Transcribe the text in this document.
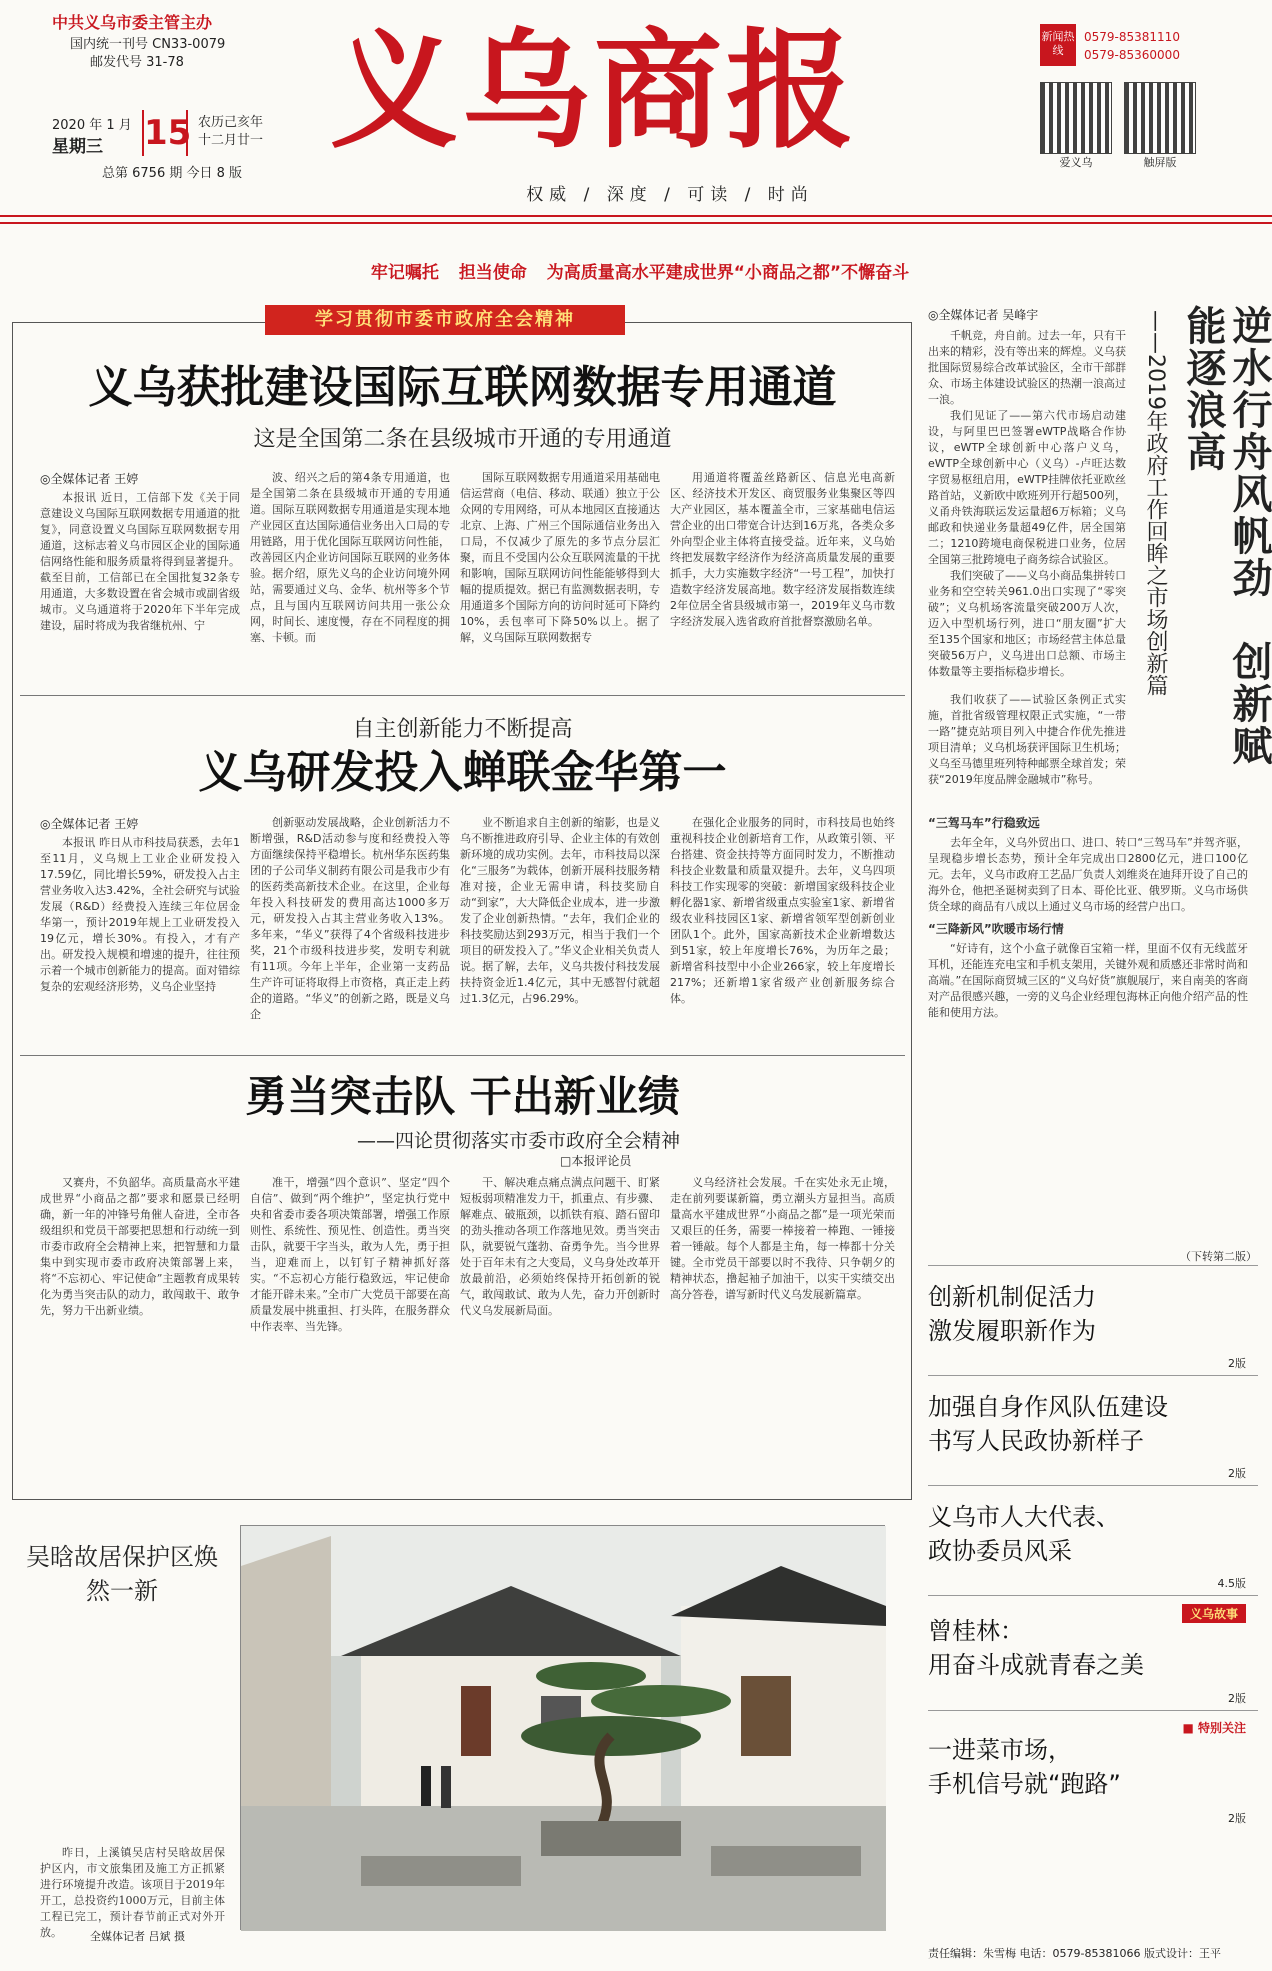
中共义乌市委主管主办
国内统一刊号 CN33-0079
邮发代号 31-78
2020 年 1 月
星期三 15 农历己亥年
十二月廿一
总第 6756 期 今日 8 版
义乌商报
权威 / 深度 / 可读 / 时尚
新闻热线
0579-85381110
0579-85360000
爱义乌	触屏版
牢记嘱托 担当使命 为高质量高水平建成世界“小商品之都”不懈奋斗
学习贯彻市委市政府全会精神
义乌获批建设国际互联网数据专用通道
这是全国第二条在县级城市开通的专用通道
◎全媒体记者 王婷

本报讯 近日，工信部下发《关于同意建设义乌国际互联网数据专用通道的批复》，同意设置义乌国际互联网数据专用通道，这标志着义乌市园区企业的国际通信网络性能和服务质量将得到显著提升。截至目前，工信部已在全国批复32条专用通道，大多数设置在省会城市或副省级城市。义乌通道将于2020年下半年完成建设，届时将成为我省继杭州、宁

波、绍兴之后的第4条专用通道，也是全国第二条在县级城市开通的专用通道。国际互联网数据专用通道是实现本地产业园区直达国际通信业务出入口局的专用链路，用于优化国际互联网访问性能，改善园区内企业访问国际互联网的业务体验。据介绍，原先义乌的企业访问境外网站，需要通过义乌、金华、杭州等多个节点，且与国内互联网访问共用一张公众网，时间长、速度慢，存在不同程度的拥塞、卡顿。而

国际互联网数据专用通道采用基础电信运营商（电信、移动、联通）独立于公众网的专用网络，可从本地园区直接通达北京、上海、广州三个国际通信业务出入口局，不仅减少了原先的多节点分层汇聚，而且不受国内公众互联网流量的干扰和影响，国际互联网访问性能能够得到大幅的提质提效。据已有监测数据表明，专用通道多个国际方向的访问时延可下降约10%，丢包率可下降50%以上。据了解，义乌国际互联网数据专

用通道将覆盖丝路新区、信息光电高新区、经济技术开发区、商贸服务业集聚区等四大产业园区，基本覆盖全市，三家基础电信运营企业的出口带宽合计达到16万兆，各类众多外向型企业主体将直接受益。近年来，义乌始终把发展数字经济作为经济高质量发展的重要抓手，大力实施数字经济“一号工程”，加快打造数字经济发展高地。数字经济发展指数连续2年位居全省县级城市第一，2019年义乌市数字经济发展入选省政府首批督察激励名单。

自主创新能力不断提高
义乌研发投入蝉联金华第一
◎全媒体记者 王婷

本报讯 昨日从市科技局获悉，去年1至11月，义乌规上工业企业研发投入17.59亿，同比增长59%，研发投入占主营业务收入达3.42%，全社会研究与试验发展（R&D）经费投入连续三年位居金华第一，预计2019年规上工业研发投入19亿元，增长30%。有投入，才有产出。研发投入规模和增速的提升，往往预示着一个城市创新能力的提高。面对错综复杂的宏观经济形势，义乌企业坚持

创新驱动发展战略，企业创新活力不断增强，R&D活动参与度和经费投入等方面继续保持平稳增长。杭州华东医药集团的子公司华义制药有限公司是我市少有的医药类高新技术企业。在这里，企业每年投入科技研发的费用高达1000多万元，研发投入占其主营业务收入13%。多年来，“华义”获得了4个省级科技进步奖，21个市级科技进步奖，发明专利就有11项。今年上半年，企业第一支药品生产许可证将取得上市资格，真正走上药企的道路。“华义”的创新之路，既是义乌企

业不断追求自主创新的缩影，也是义乌不断推进政府引导、企业主体的有效创新环境的成功实例。去年，市科技局以深化“三服务”为载体，创新开展科技服务精准对接，企业无需申请，科技奖励自动“到家”，大大降低企业成本，进一步激发了企业创新热情。“去年，我们企业的科技奖励达到293万元，相当于我们一个项目的研发投入了。”华义企业相关负责人说。据了解，去年，义乌共拨付科技发展扶持资金近1.4亿元，其中无感智付就超过1.3亿元，占96.29%。

在强化企业服务的同时，市科技局也始终重视科技企业创新培育工作，从政策引领、平台搭建、资金扶持等方面同时发力，不断推动科技企业数量和质量双提升。去年，义乌四项科技工作实现零的突破：新增国家级科技企业孵化器1家、新增省级重点实验室1家、新增省级农业科技园区1家、新增省领军型创新创业团队1个。此外，国家高新技术企业新增数达到51家，较上年度增长76%，为历年之最；新增省科技型中小企业266家，较上年度增长217%；还新增1家省级产业创新服务综合体。

勇当突击队 干出新业绩
——四论贯彻落实市委市政府全会精神
□本报评论员

又赛舟，不负韶华。高质量高水平建成世界“小商品之都”要求和愿景已经明确，新一年的冲锋号角催人奋进，全市各级组织和党员干部要把思想和行动统一到市委市政府全会精神上来，把智慧和力量集中到实现市委市政府决策部署上来，将“不忘初心、牢记使命”主题教育成果转化为勇当突击队的动力，敢闯敢干、敢争先，努力干出新业绩。

准干，增强“四个意识”、坚定“四个自信”、做到“两个维护”，坚定执行党中央和省委市委各项决策部署，增强工作原则性、系统性、预见性、创造性。勇当突击队，就要干字当头，敢为人先，勇于担当，迎难而上，以钉钉子精神抓好落实。“不忘初心方能行稳致远，牢记使命才能开辟未来。”全市广大党员干部要在高质量发展中挑重担、打头阵，在服务群众中作表率、当先锋。

干、解决难点痛点满点问题干、盯紧短板弱项精准发力干，抓重点、有步骤、解难点、破瓶颈，以抓铁有痕、踏石留印的劲头推动各项工作落地见效。勇当突击队，就要锐气蓬勃、奋勇争先。当今世界处于百年未有之大变局，义乌身处改革开放最前沿，必须始终保持开拓创新的锐气，敢闯敢试、敢为人先，奋力开创新时代义乌发展新局面。

义乌经济社会发展。千在实处永无止境，走在前列要谋新篇，勇立潮头方显担当。高质量高水平建成世界“小商品之都”是一项光荣而又艰巨的任务，需要一棒接着一棒跑、一锤接着一锤敲。每个人都是主角，每一棒都十分关键。全市党员干部要以时不我待、只争朝夕的精神状态，撸起袖子加油干，以实干实绩交出高分答卷，谱写新时代义乌发展新篇章。

吴晗故居保护区焕然一新

昨日，上溪镇吴店村吴晗故居保护区内，市文旅集团及施工方正抓紧进行环境提升改造。该项目于2019年开工，总投资约1000万元，目前主体工程已完工，预计春节前正式对外开放。	全媒体记者 吕斌 摄
◎全媒体记者 吴峰宇	逆水行舟风帆劲　创新赋能逐浪高
——2019年政府工作回眸之市场创新篇

千帆竞，舟自前。过去一年，只有干出来的精彩，没有等出来的辉煌。义乌获批国际贸易综合改革试验区，全市干部群众、市场主体建设试验区的热潮一浪高过一浪。

我们见证了——第六代市场启动建设，与阿里巴巴签署eWTP战略合作协议，eWTP全球创新中心落户义乌，eWTP全球创新中心（义乌）-卢旺达数字贸易枢纽启用，eWTP挂牌依托亚欧丝路首站，义新欧中欧班列开行超500列，义甬舟铁海联运发运量超6万标箱；义乌邮政和快递业务量超49亿件，居全国第二；1210跨境电商保税进口业务，位居全国第三批跨境电子商务综合试验区。

我们突破了——义乌小商品集拼转口业务和空空转关961.0出口实现了“零突破”；义乌机场客流量突破200万人次，迈入中型机场行列，进口“朋友圈”扩大至135个国家和地区；市场经营主体总量突破56万户，义乌进出口总额、市场主体数量等主要指标稳步增长。

我们收获了——试验区条例正式实施，首批省级管理权限正式实施，“一带一路”捷克站项目列入中捷合作优先推进项目清单；义乌机场获评国际卫生机场；义乌至马德里班列特种邮票全球首发；荣获“2019年度品牌金融城市”称号。

“三驾马车”行稳致远

去年全年，义乌外贸出口、进口、转口“三驾马车”并驾齐驱，呈现稳步增长态势，预计全年完成出口2800亿元，进口100亿元。去年，义乌市政府工艺品厂负责人刘维炎在迪拜开设了自己的海外仓，他把圣诞树卖到了日本、哥伦比亚、俄罗斯。义乌市场供货全球的商品有八成以上通过义乌市场的经营户出口。

“三降新风”吹暖市场行情

“好诗有，这个小盒子就像百宝箱一样，里面不仅有无线蓝牙耳机，还能连充电宝和手机支架用，关键外观和质感还非常时尚和高端。”在国际商贸城三区的“义乌好货”旗舰展厅，来自南美的客商对产品很感兴趣，一旁的义乌企业经理包海林正向他介绍产品的性能和使用方法。

（下转第二版）
创新机制促活力
激发履职新作为
2版
加强自身作风队伍建设
书写人民政协新样子
2版
义乌市人大代表、
政协委员风采
4.5版
义乌故事
曾桂林：
用奋斗成就青春之美
2版
■ 特别关注
一进菜市场，
手机信号就“跑路”
2版
责任编辑：朱雪梅 电话：0579-85381066 版式设计：王平
